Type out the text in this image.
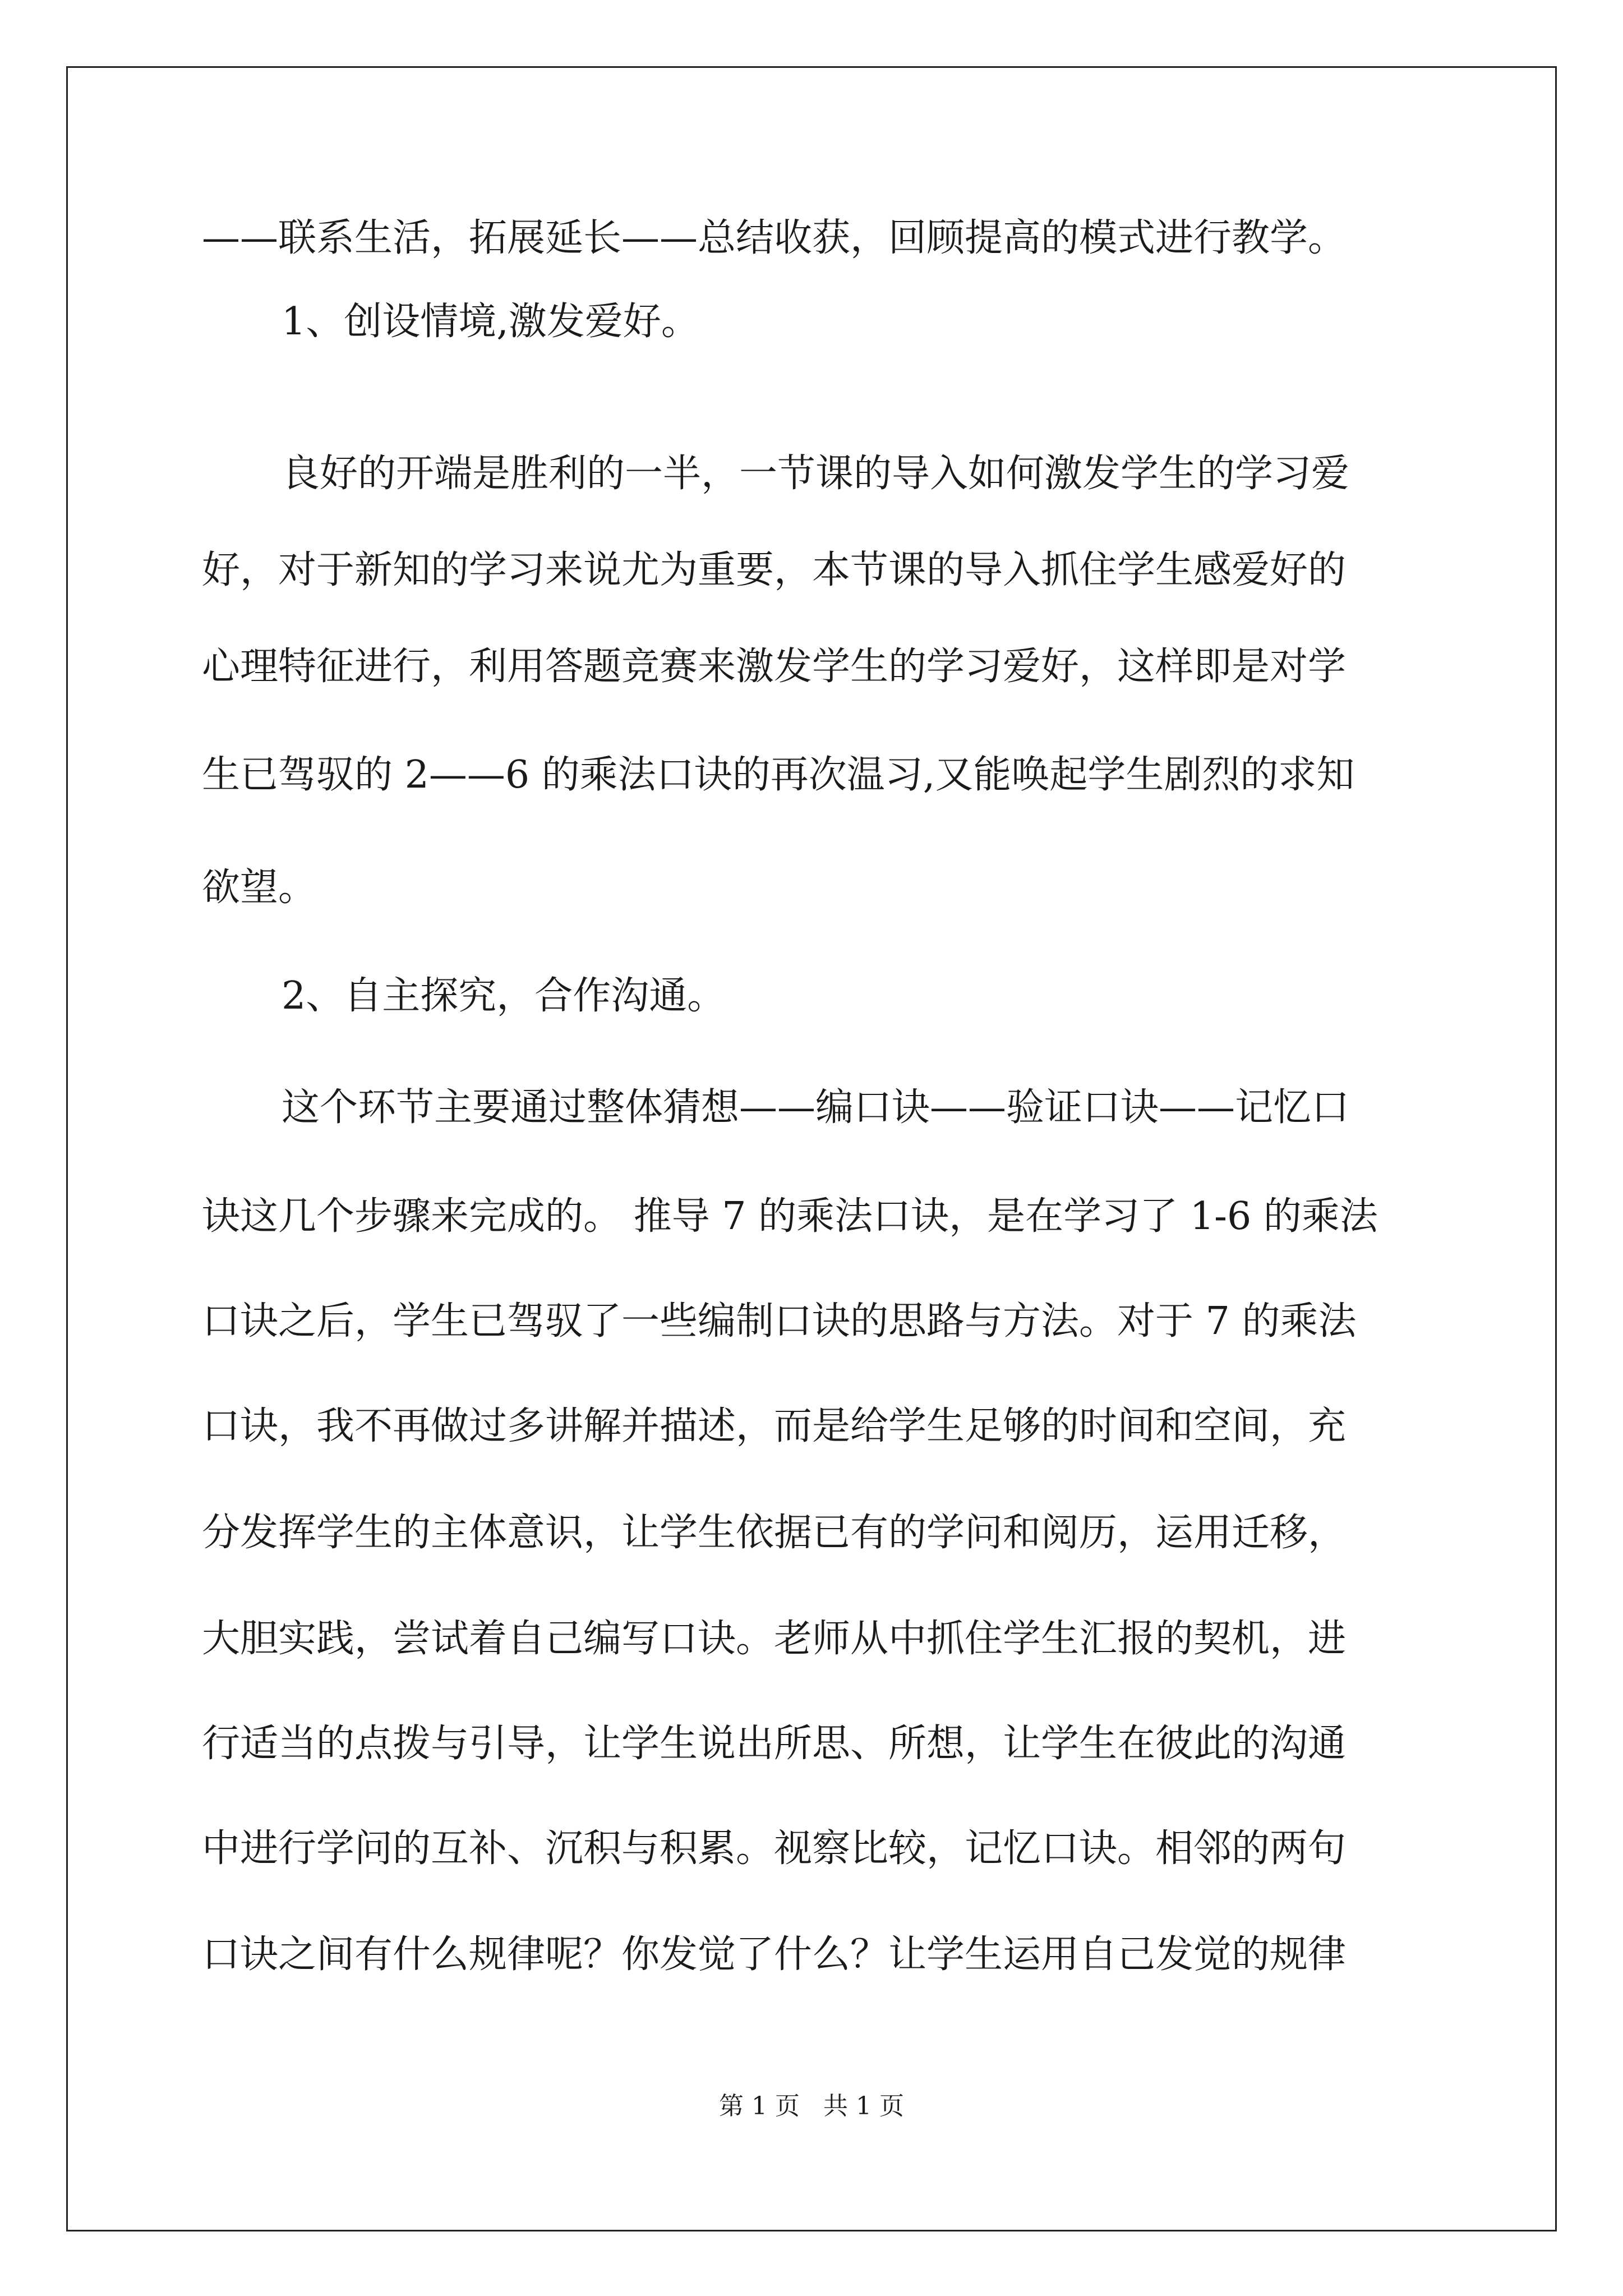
——联系生活，拓展延长——总结收获，回顾提高的模式进行教学。
1、创设情境,激发爱好。
良好的开端是胜利的一半，一节课的导入如何激发学生的学习爱
好，对于新知的学习来说尤为重要，本节课的导入抓住学生感爱好的
心理特征进行，利用答题竞赛来激发学生的学习爱好，这样即是对学
生已驾驭的 2——6 的乘法口诀的再次温习,又能唤起学生剧烈的求知
欲望。
2、自主探究，合作沟通。
这个环节主要通过整体猜想——编口诀——验证口诀——记忆口
诀这几个步骤来完成的。 推导 7 的乘法口诀，是在学习了 1-6 的乘法
口诀之后，学生已驾驭了一些编制口诀的思路与方法。对于 7 的乘法
口诀，我不再做过多讲解并描述，而是给学生足够的时间和空间，充
分发挥学生的主体意识，让学生依据已有的学问和阅历，运用迁移，
大胆实践，尝试着自己编写口诀。老师从中抓住学生汇报的契机，进
行适当的点拨与引导，让学生说出所思、所想，让学生在彼此的沟通
中进行学问的互补、沉积与积累。视察比较，记忆口诀。相邻的两句
口诀之间有什么规律呢？你发觉了什么？让学生运用自己发觉的规律
第 1 页   共 1 页
